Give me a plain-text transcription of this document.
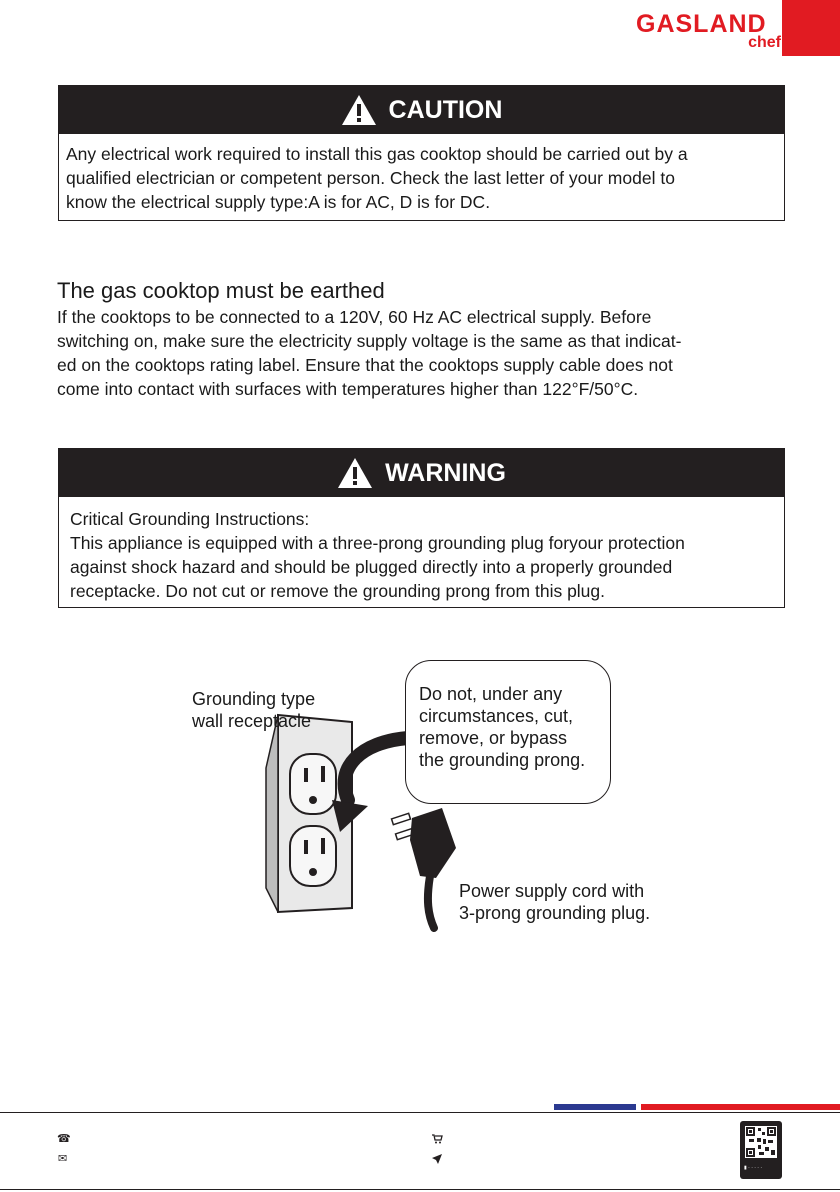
GASLAND
chef
CAUTION
Any electrical work required to install this gas cooktop should be carried out by a
qualified electrician or competent person. Check the last letter of your model to
know the electrical supply type:A is for AC, D is for DC.
The gas cooktop must be earthed
If the cooktops to be connected to a 120V, 60 Hz AC electrical supply. Before
switching on, make sure the electricity supply voltage is the same as that indicat-
ed on the cooktops rating label. Ensure that the cooktops supply cable does not
come into contact with surfaces with temperatures higher than 122°F/50°C.
WARNING
Critical Grounding Instructions:
This appliance is equipped with a three-prong grounding plug foryour protection
against shock hazard and should be plugged directly into a properly grounded
receptacke. Do not cut or remove the grounding prong from this plug.
Grounding type
wall receptacle
Do not, under any
circumstances, cut,
remove, or bypass
the grounding prong.
Power supply cord with
3-prong grounding plug.
☎
✉
▮ · · · · ·
